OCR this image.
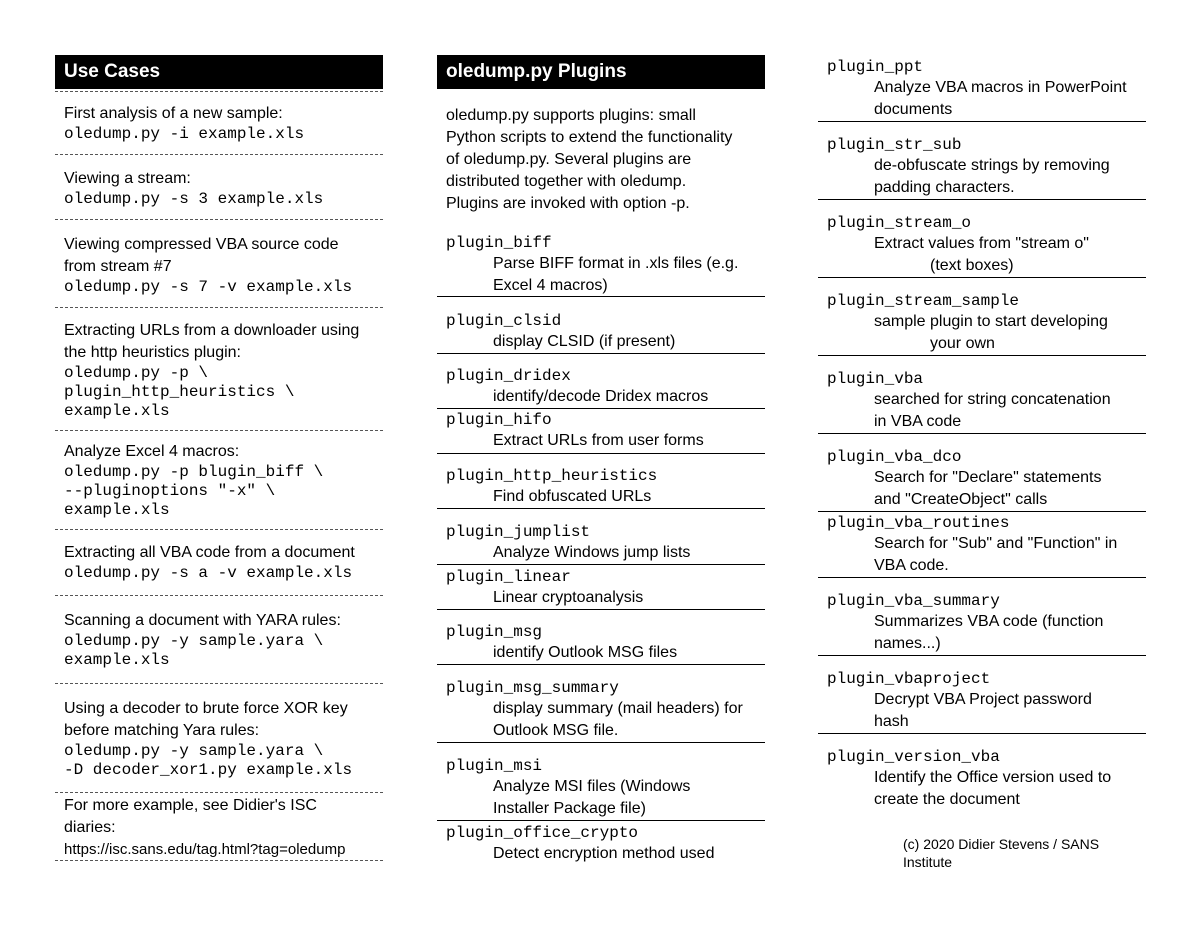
Use Cases
First analysis of a new sample:
oledump.py -i example.xls
Viewing a stream:
oledump.py -s 3 example.xls
Viewing compressed VBA source code
from stream #7
oledump.py -s 7 -v example.xls
Extracting URLs from a downloader using
the http heuristics plugin:
oledump.py -p \
plugin_http_heuristics \
example.xls
Analyze Excel 4 macros:
oledump.py -p blugin_biff \
--pluginoptions "-x" \
example.xls
Extracting all VBA code from a document
oledump.py -s a -v example.xls
Scanning a document with YARA rules:
oledump.py -y sample.yara \
example.xls
Using a decoder to brute force XOR key
before matching Yara rules:
oledump.py -y sample.yara \
-D decoder_xor1.py example.xls
For more example, see Didier's ISC
diaries:
https://isc.sans.edu/tag.html?tag=oledump
oledump.py Plugins
oledump.py supports plugins: small
Python scripts to extend the functionality
of oledump.py. Several plugins are
distributed together with oledump.
Plugins are invoked with option -p.
plugin_biff
Parse BIFF format in .xls files (e.g.
Excel 4 macros)
plugin_clsid
display CLSID (if present)
plugin_dridex
identify/decode Dridex macros
plugin_hifo
Extract URLs from user forms
plugin_http_heuristics
Find obfuscated URLs
plugin_jumplist
Analyze Windows jump lists
plugin_linear
Linear cryptoanalysis
plugin_msg
identify Outlook MSG files
plugin_msg_summary
display summary (mail headers) for
Outlook MSG file.
plugin_msi
Analyze MSI files (Windows
Installer Package file)
plugin_office_crypto
Detect encryption method used
plugin_ppt
Analyze VBA macros in PowerPoint
documents
plugin_str_sub
de-obfuscate strings by removing
padding characters.
plugin_stream_o
Extract values from "stream o"
(text boxes)
plugin_stream_sample
sample plugin to start developing
your own
plugin_vba
searched for string concatenation
in VBA code
plugin_vba_dco
Search for "Declare" statements
and "CreateObject" calls
plugin_vba_routines
Search for "Sub" and "Function" in
VBA code.
plugin_vba_summary
Summarizes VBA code (function
names...)
plugin_vbaproject
Decrypt VBA Project password
hash
plugin_version_vba
Identify the Office version used to
create the document
(c) 2020 Didier Stevens / SANS Institute
